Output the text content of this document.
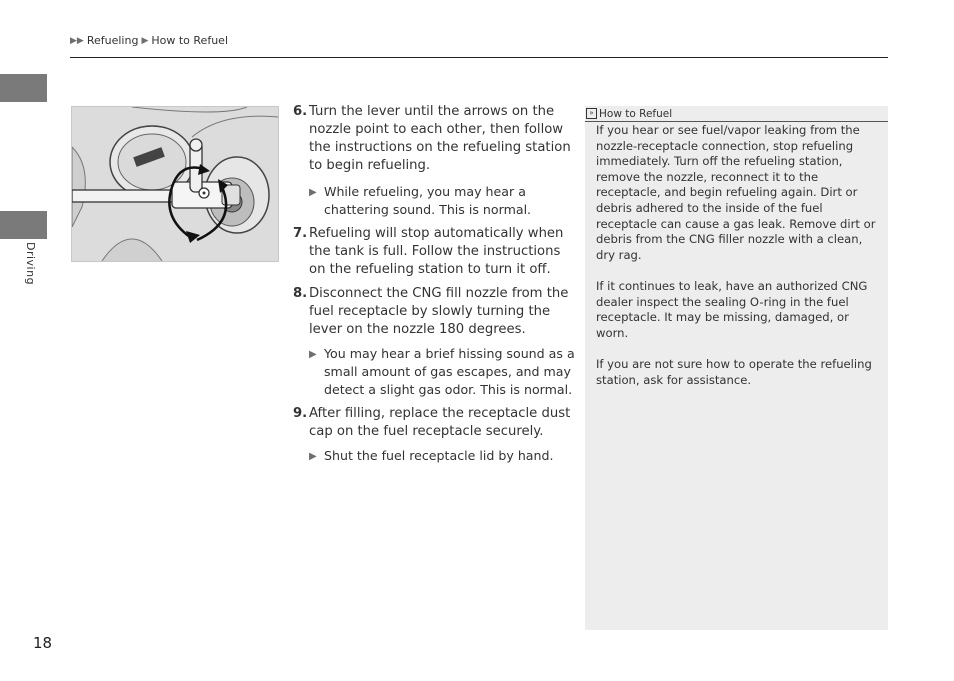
▶▶ Refueling ▶ How to Refuel
Driving
6. Turn the lever until the arrows on the nozzle point to each other, then follow the instructions on the refueling station to begin refueling.
▶ While refueling, you may hear a chattering sound. This is normal.
7. Refueling will stop automatically when the tank is full. Follow the instructions on the refueling station to turn it off.
8. Disconnect the CNG fill nozzle from the fuel receptacle by slowly turning the lever on the nozzle 180 degrees.
▶ You may hear a brief hissing sound as a small amount of gas escapes, and may detect a slight gas odor. This is normal.
9. After filling, replace the receptacle dust cap on the fuel receptacle securely.
▶ Shut the fuel receptacle lid by hand.
» How to Refuel

If you hear or see fuel/vapor leaking from the nozzle-receptacle connection, stop refueling immediately. Turn off the refueling station, remove the nozzle, reconnect it to the receptacle, and begin refueling again. Dirt or debris adhered to the inside of the fuel receptacle can cause a gas leak. Remove dirt or debris from the CNG filler nozzle with a clean, dry rag.

If it continues to leak, have an authorized CNG dealer inspect the sealing O-ring in the fuel receptacle. It may be missing, damaged, or worn.

If you are not sure how to operate the refueling station, ask for assistance.

18
